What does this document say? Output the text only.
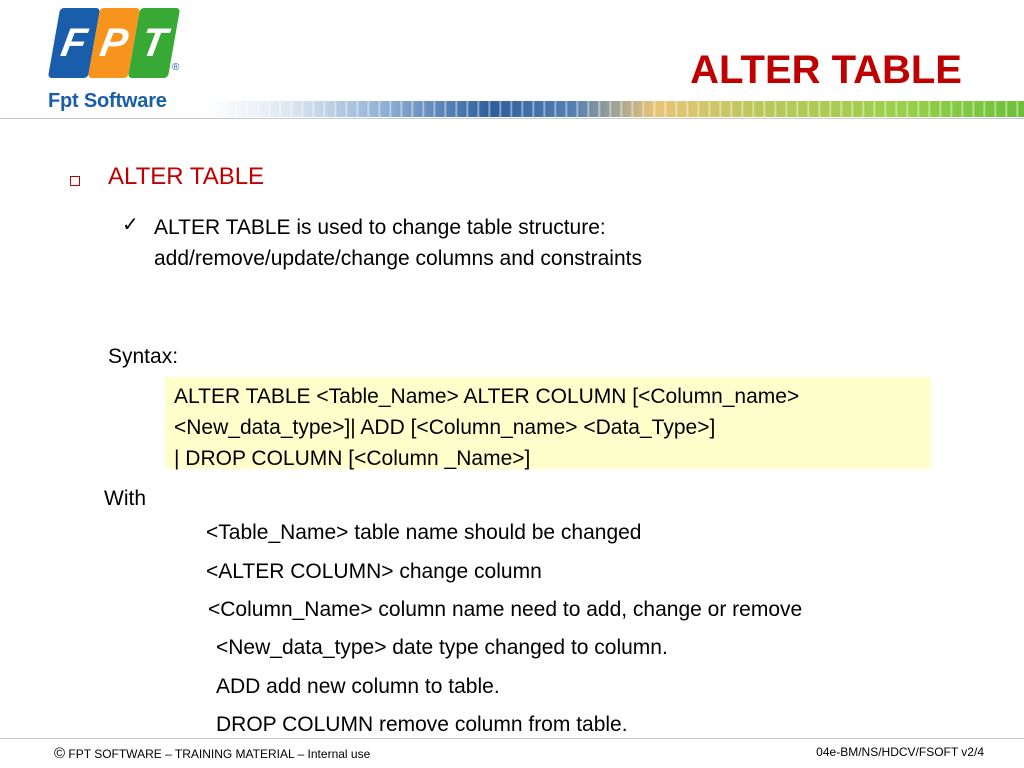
F P T
®
Fpt Software
ALTER TABLE
ALTER TABLE
✓ ALTER TABLE is used to change table structure:
add/remove/update/change columns and constraints
Syntax:
ALTER TABLE <Table_Name> ALTER COLUMN [<Column_name>
<New_data_type>]| ADD [<Column_name> <Data_Type>]
| DROP COLUMN [<Column _Name>]
With
<Table_Name> table name should be changed
<ALTER COLUMN> change column
<Column_Name> column name need to add, change or remove
<New_data_type> date type changed to column.
ADD add new column to table.
DROP COLUMN remove column from table.
© FPT SOFTWARE – TRAINING MATERIAL – Internal use	04e-BM/NS/HDCV/FSOFT v2/4
